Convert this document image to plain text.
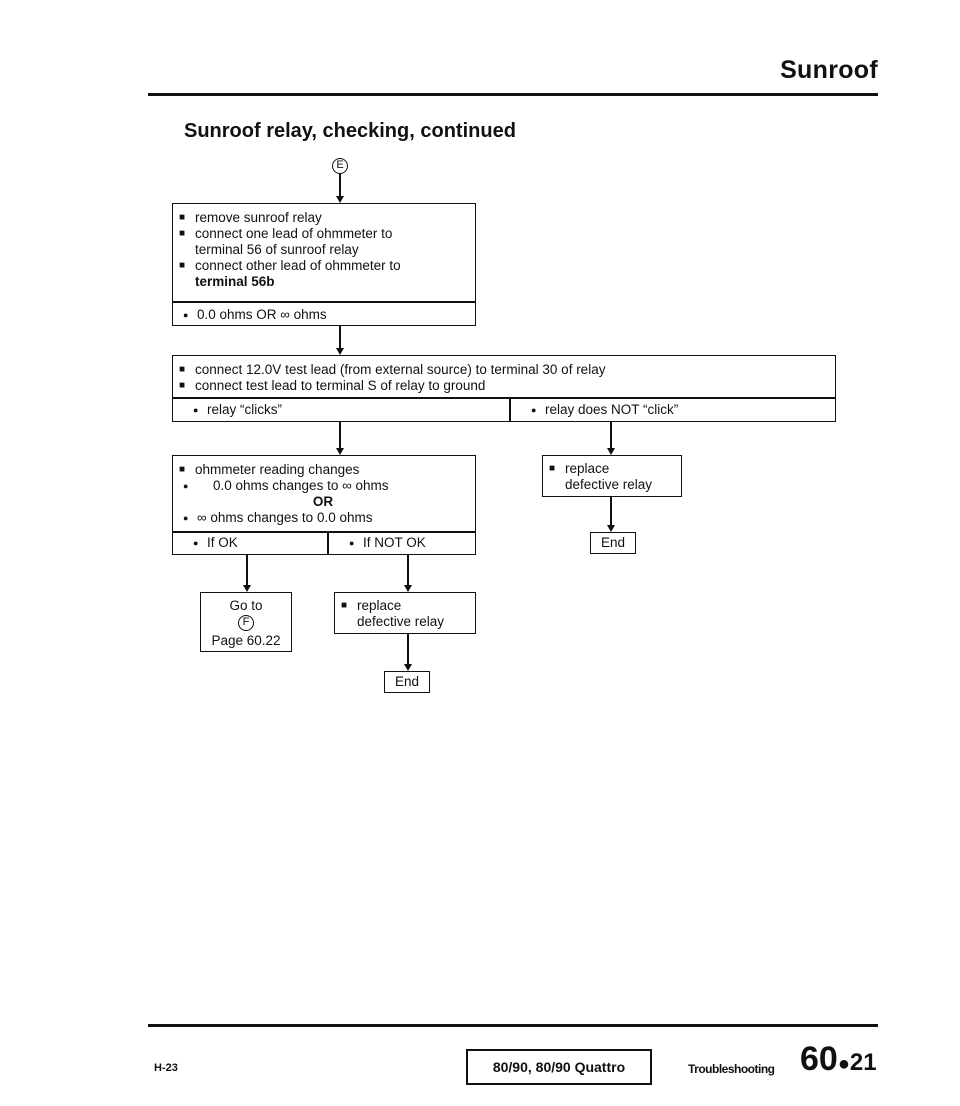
Sunroof
Sunroof relay, checking, continued
E
■ remove sunroof relay
■ connect one lead of ohmmeter to
terminal 56 of sunroof relay
■ connect other lead of ohmmeter to
terminal 56b
● 0.0 ohms OR ∞ ohms
■ connect 12.0V test lead (from external source) to terminal 30 of relay
■ connect test lead to terminal S of relay to ground
● relay “clicks”	● relay does NOT “click”
■ ohmmeter reading changes
● 0.0 ohms changes to ∞ ohms
OR
● ∞ ohms changes to 0.0 ohms
● If OK	● If NOT OK
Go to
F
Page 60.22
■ replace
defective relay
End
■ replace
defective relay
End
H-23	80/90, 80/90 Quattro	Troubleshooting 60●21
